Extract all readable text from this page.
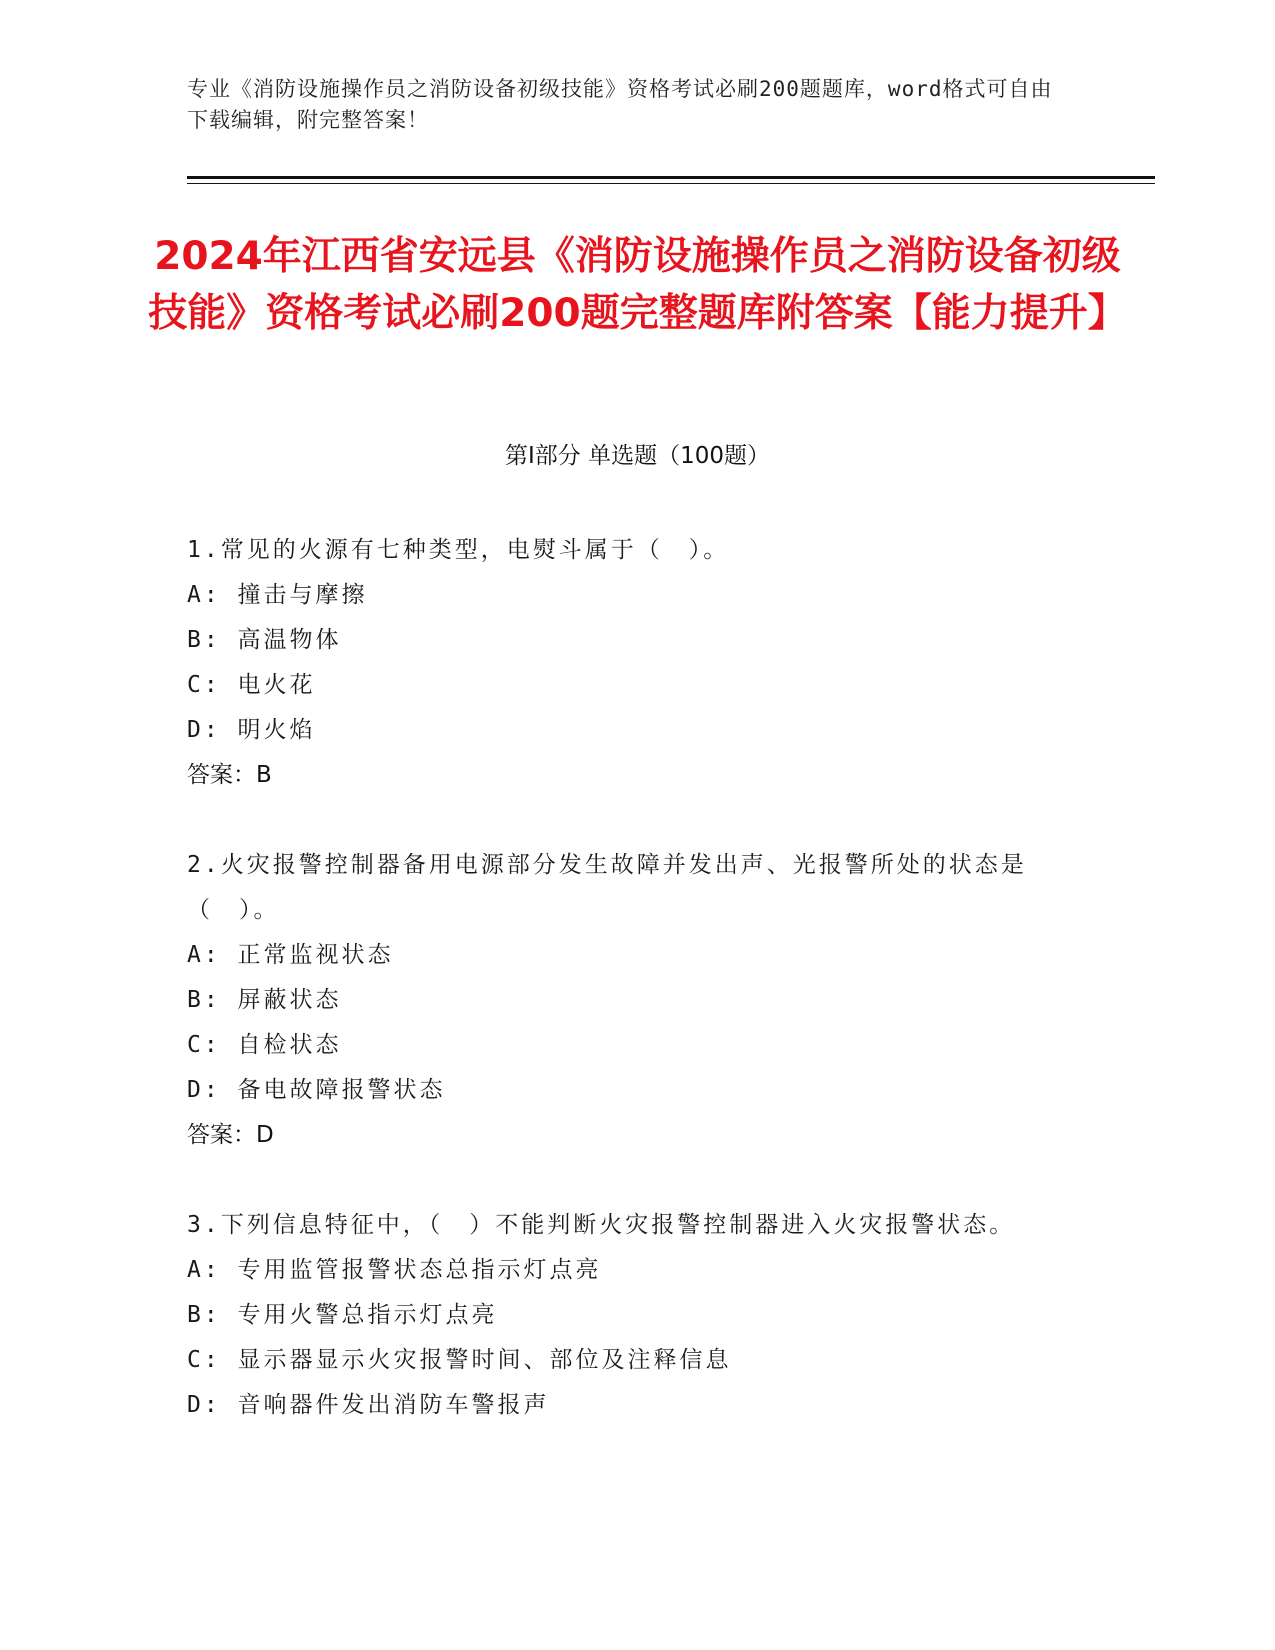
专业《消防设施操作员之消防设备初级技能》资格考试必刷200题题库，word格式可自由下载编辑，附完整答案！
2024年江西省安远县《消防设施操作员之消防设备初级技能》资格考试必刷200题完整题库附答案【能力提升】
第Ⅰ部分 单选题（100题）
1.常见的火源有七种类型，电熨斗属于（　）。
A: 撞击与摩擦
B: 高温物体
C: 电火花
D: 明火焰
答案：B
2.火灾报警控制器备用电源部分发生故障并发出声、光报警所处的状态是（　）。
A: 正常监视状态
B: 屏蔽状态
C: 自检状态
D: 备电故障报警状态
答案：D
3.下列信息特征中，（　）不能判断火灾报警控制器进入火灾报警状态。
A: 专用监管报警状态总指示灯点亮
B: 专用火警总指示灯点亮
C: 显示器显示火灾报警时间、部位及注释信息
D: 音响器件发出消防车警报声
